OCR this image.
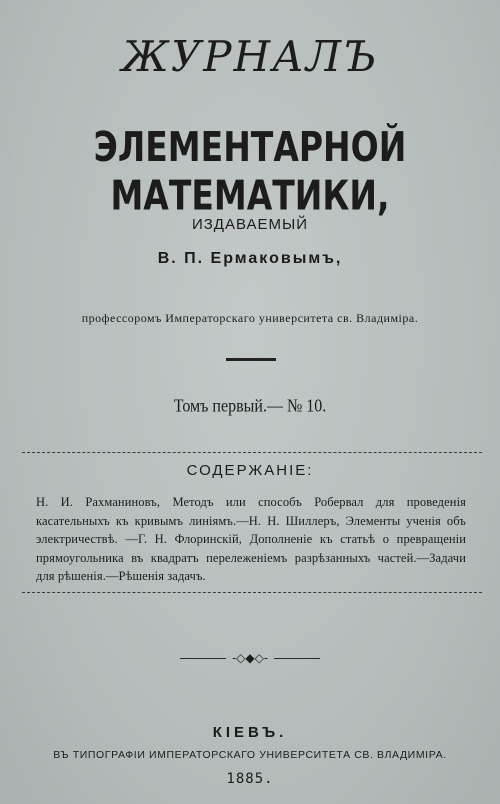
ЖУРНАЛЪ
ЭЛЕМЕНТАРНОЙ МАТЕМАТИКИ,
ИЗДАВАЕМЫЙ
В. П. Ермаковымъ,
профессоромъ Императорскаго университета св. Владимiра.
Томъ первый.— № 10.
СОДЕРЖАНIЕ:
Н. И. Рахманиновъ, Методъ или способъ Робервал для проведенiя касательныхъ къ кривымъ линiямъ.—Н. Н. Шиллеръ, Элементы ученiя объ электричествѣ. —Г. Н. Флоринскiй, Дополненiе къ статьѣ о превращенiи прямоугольника въ квадратъ перележенiемъ разрѣзанныхъ частей.—Задачи для рѣшенiя.—Рѣшенiя задачъ.
-◇◆◇-
КIЕВЪ.
ВЪ ТИПОГРАФIИ ИМПЕРАТОРСКАГО УНИВЕРСИТЕТА СВ. ВЛАДИМIРА.
1885.
